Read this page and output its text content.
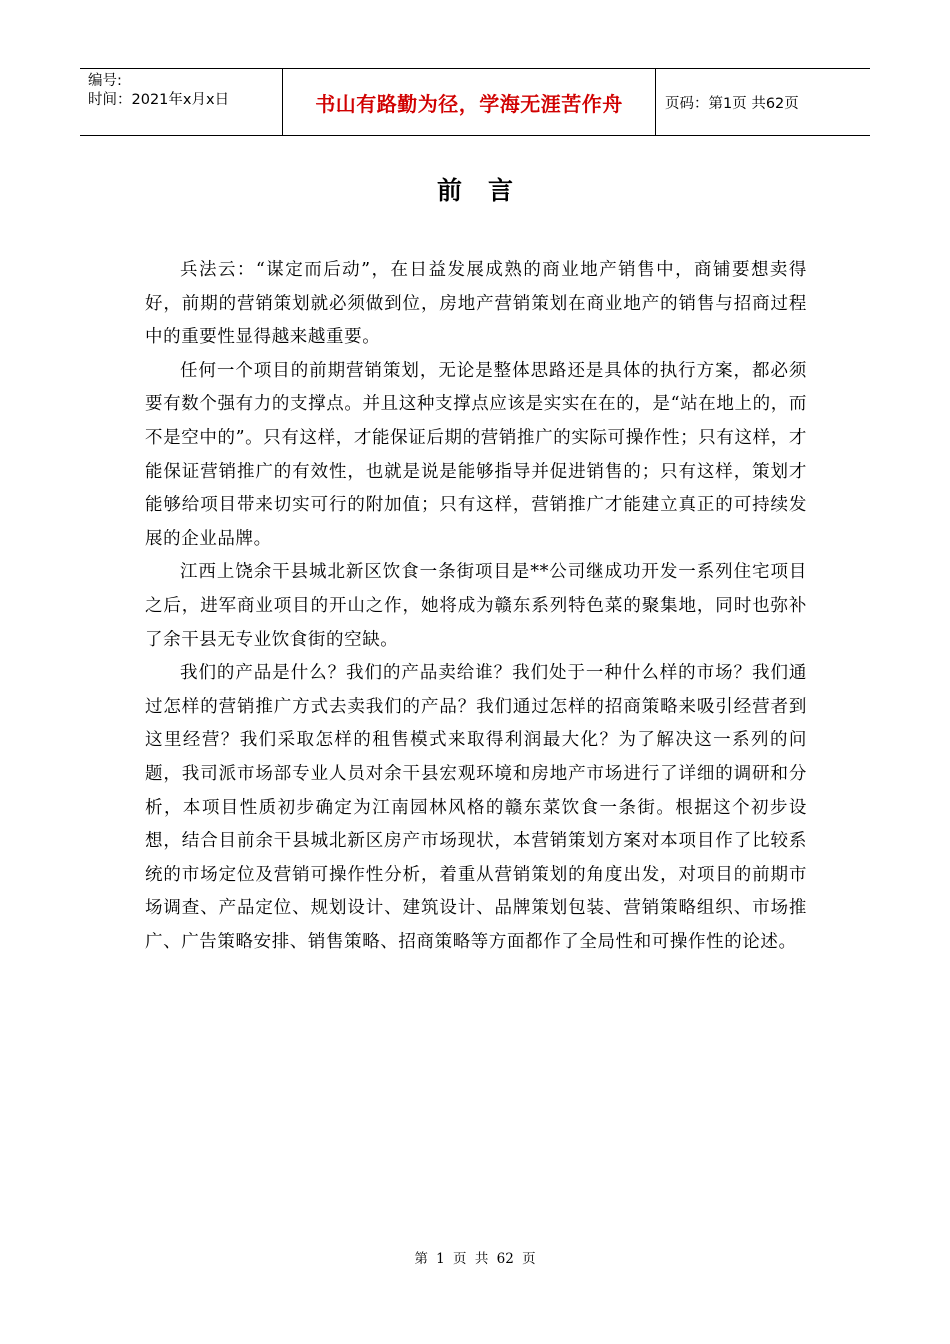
编号:
时间：2021年x月x日	书山有路勤为径，学海无涯苦作舟	页码：第1页 共62页
前言

兵法云：“谋定而后动”，在日益发展成熟的商业地产销售中，商铺要想卖得好，前期的营销策划就必须做到位，房地产营销策划在商业地产的销售与招商过程中的重要性显得越来越重要。

任何一个项目的前期营销策划，无论是整体思路还是具体的执行方案，都必须要有数个强有力的支撑点。并且这种支撑点应该是实实在在的，是“站在地上的，而不是空中的”。只有这样，才能保证后期的营销推广的实际可操作性；只有这样，才能保证营销推广的有效性，也就是说是能够指导并促进销售的；只有这样，策划才能够给项目带来切实可行的附加值；只有这样，营销推广才能建立真正的可持续发展的企业品牌。

江西上饶余干县城北新区饮食一条街项目是**公司继成功开发一系列住宅项目之后，进军商业项目的开山之作，她将成为赣东系列特色菜的聚集地，同时也弥补了余干县无专业饮食街的空缺。

我们的产品是什么？我们的产品卖给谁？我们处于一种什么样的市场？我们通过怎样的营销推广方式去卖我们的产品？我们通过怎样的招商策略来吸引经营者到这里经营？我们采取怎样的租售模式来取得利润最大化？为了解决这一系列的问题，我司派市场部专业人员对余干县宏观环境和房地产市场进行了详细的调研和分析，本项目性质初步确定为江南园林风格的赣东菜饮食一条街。根据这个初步设想，结合目前余干县城北新区房产市场现状，本营销策划方案对本项目作了比较系统的市场定位及营销可操作性分析，着重从营销策划的角度出发，对项目的前期市场调查、产品定位、规划设计、建筑设计、品牌策划包装、营销策略组织、市场推广、广告策略安排、销售策略、招商策略等方面都作了全局性和可操作性的论述。

第 1 页 共 62 页
